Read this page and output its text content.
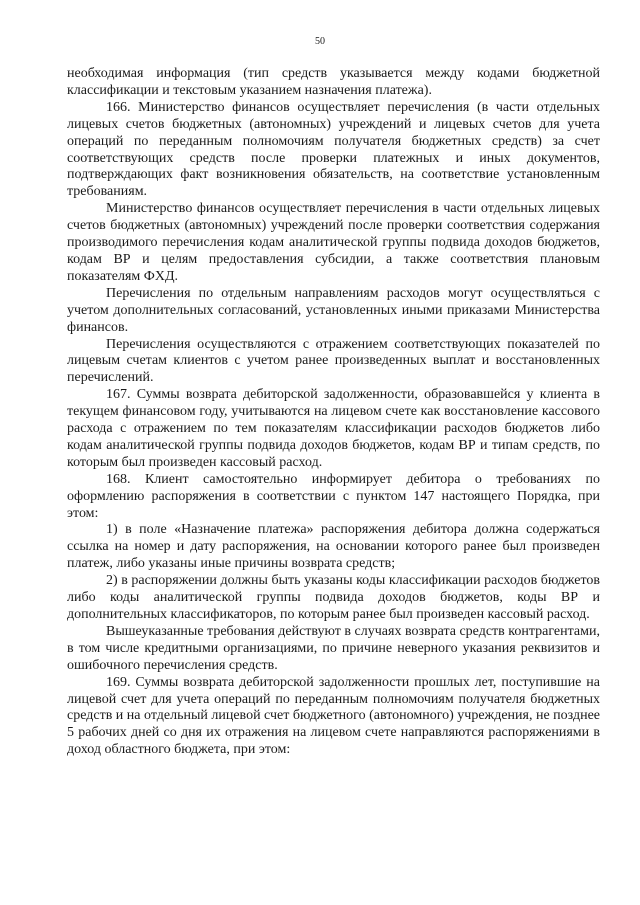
50

необходимая информация (тип средств указывается между кодами бюджетной классификации и текстовым указанием назначения платежа).

166. Министерство финансов осуществляет перечисления (в части отдельных лицевых счетов бюджетных (автономных) учреждений и лицевых счетов для учета операций по переданным полномочиям получателя бюджетных средств) за счет соответствующих средств после проверки платежных и иных документов, подтверждающих факт возникновения обязательств, на соответствие установленным требованиям.

Министерство финансов осуществляет перечисления в части отдельных лицевых счетов бюджетных (автономных) учреждений после проверки соответствия содержания производимого перечисления кодам аналитической группы подвида доходов бюджетов, кодам ВР и целям предоставления субсидии, а также соответствия плановым показателям ФХД.

Перечисления по отдельным направлениям расходов могут осуществляться с учетом дополнительных согласований, установленных иными приказами Министерства финансов.

Перечисления осуществляются с отражением соответствующих показателей по лицевым счетам клиентов с учетом ранее произведенных выплат и восстановленных перечислений.

167. Суммы возврата дебиторской задолженности, образовавшейся у клиента в текущем финансовом году, учитываются на лицевом счете как восстановление кассового расхода с отражением по тем показателям классификации расходов бюджетов либо кодам аналитической группы подвида доходов бюджетов, кодам ВР и типам средств, по которым был произведен кассовый расход.

168. Клиент самостоятельно информирует дебитора о требованиях по оформлению распоряжения в соответствии с пунктом 147 настоящего Порядка, при этом:

1) в поле «Назначение платежа» распоряжения дебитора должна содержаться ссылка на номер и дату распоряжения, на основании которого ранее был произведен платеж, либо указаны иные причины возврата средств;

2) в распоряжении должны быть указаны коды классификации расходов бюджетов либо коды аналитической группы подвида доходов бюджетов, коды ВР и дополнительных классификаторов, по которым ранее был произведен кассовый расход.

Вышеуказанные требования действуют в случаях возврата средств контрагентами, в том числе кредитными организациями, по причине неверного указания реквизитов и ошибочного перечисления средств.

169. Суммы возврата дебиторской задолженности прошлых лет, поступившие на лицевой счет для учета операций по переданным полномочиям получателя бюджетных средств и на отдельный лицевой счет бюджетного (автономного) учреждения, не позднее 5 рабочих дней со дня их отражения на лицевом счете направляются распоряжениями в доход областного бюджета, при этом:
